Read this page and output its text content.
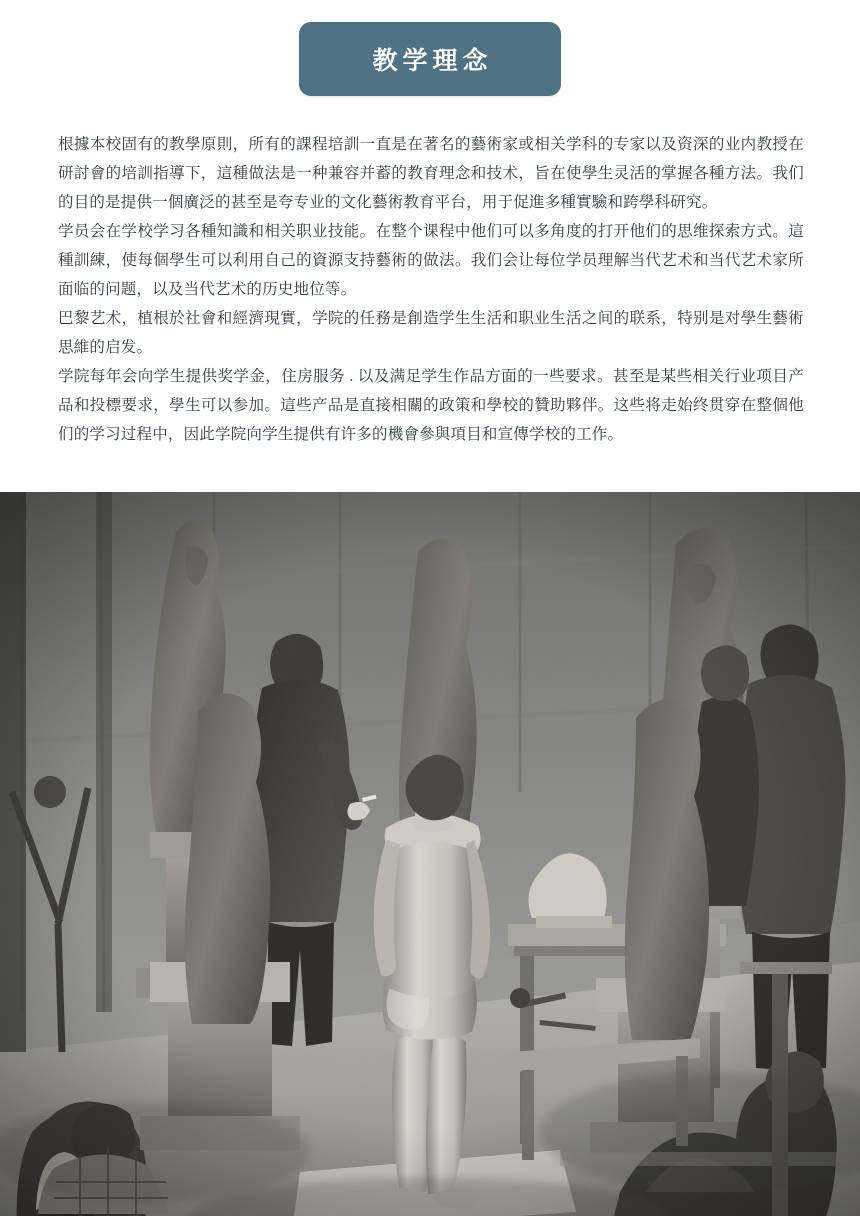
教学理念

根據本校固有的教學原則，所有的課程培訓一直是在著名的藝術家或相关学科的专家以及资深的业内教授在研討會的培訓指導下，這種做法是一种兼容并蓄的教育理念和技术，旨在使學生灵活的掌握各種方法。我们的目的是提供一個廣泛的甚至是夸专业的文化藝術教育平台，用于促進多種實驗和跨學科研究。

学员会在学校学习各種知識和相关职业技能。在整个课程中他们可以多角度的打开他们的思维探索方式。這種訓練，使每個學生可以利用自己的資源支持藝術的做法。我们会让每位学员理解当代艺术和当代艺术家所面临的问题，以及当代艺术的历史地位等。

巴黎艺术，植根於社會和經濟現實，学院的任務是創造学生生活和职业生活之间的联系，特别是对學生藝術思維的启发。

学院每年会向学生提供奖学金，住房服务 . 以及满足学生作品方面的一些要求。甚至是某些相关行业项目产品和投標要求，學生可以参加。這些产品是直接相關的政策和學校的贊助夥伴。这些将走始终贯穿在整個他们的学习过程中，因此学院向学生提供有许多的機會參與項目和宣傳学校的工作。
